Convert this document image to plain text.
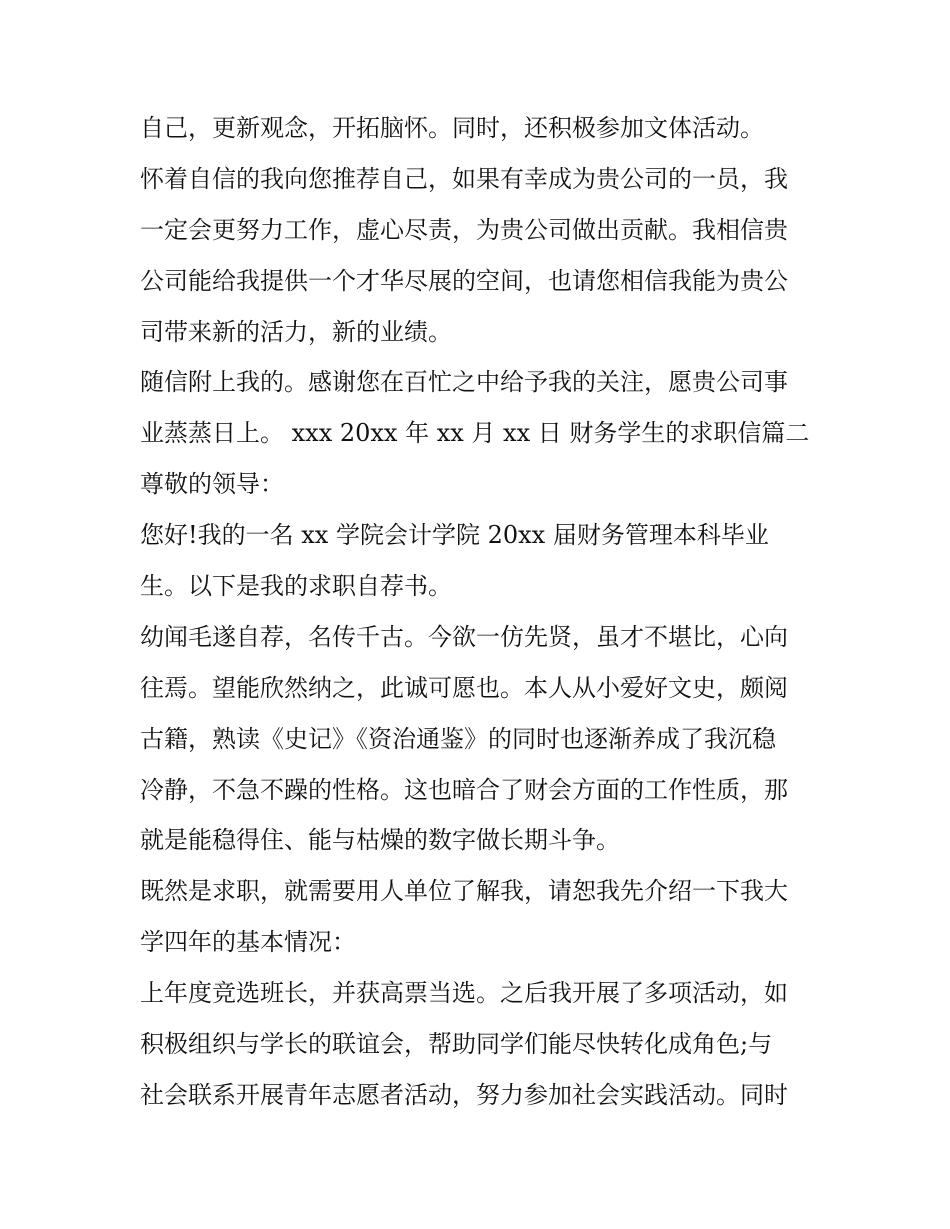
自己，更新观念，开拓脑怀。同时，还积极参加文体活动。
怀着自信的我向您推荐自己，如果有幸成为贵公司的一员，我
一定会更努力工作，虚心尽责，为贵公司做出贡献。我相信贵
公司能给我提供一个才华尽展的空间，也请您相信我能为贵公
司带来新的活力，新的业绩。
随信附上我的。感谢您在百忙之中给予我的关注，愿贵公司事
业蒸蒸日上。 xxx 20xx 年 xx 月 xx 日 财务学生的求职信篇二
尊敬的领导：
您好!我的一名 xx 学院会计学院 20xx 届财务管理本科毕业
生。以下是我的求职自荐书。
幼闻毛遂自荐，名传千古。今欲一仿先贤，虽才不堪比，心向
往焉。望能欣然纳之，此诚可愿也。本人从小爱好文史，颇阅
古籍，熟读《史记》《资治通鉴》的同时也逐渐养成了我沉稳
冷静，不急不躁的性格。这也暗合了财会方面的工作性质，那
就是能稳得住、能与枯燥的数字做长期斗争。
既然是求职，就需要用人单位了解我，请恕我先介绍一下我大
学四年的基本情况：
上年度竞选班长，并获高票当选。之后我开展了多项活动，如
积极组织与学长的联谊会，帮助同学们能尽快转化成角色;与
社会联系开展青年志愿者活动，努力参加社会实践活动。同时
